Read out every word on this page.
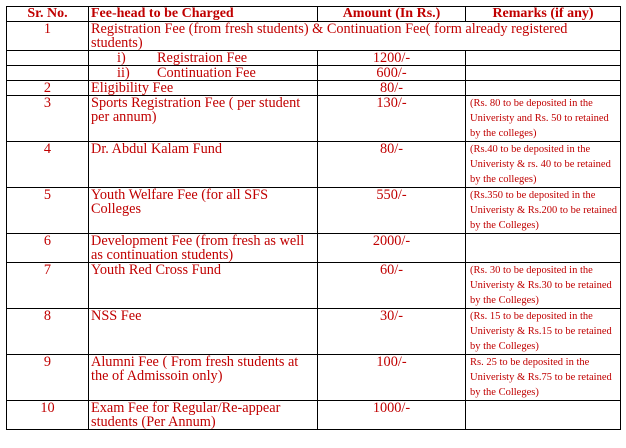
Sr. No.	Fee-head to be Charged	Amount (In Rs.)	Remarks (if any)
1	Registration Fee (from fresh students) & Continuation Fee( form already registered students)		
	i) Registraion Fee	1200/-	
	ii) Continuation Fee	600/-	
2	Eligibility Fee	80/-	
3	Sports Registration Fee ( per student per annum)	130/-	(Rs. 80 to be deposited in the Univeristy and Rs. 50 to retained by the colleges)
4	Dr. Abdul Kalam Fund	80/-	(Rs.40 to be deposited in the Univeristy & rs. 40 to be retained by the colleges)
5	Youth Welfare Fee (for all SFS Colleges	550/-	(Rs.350 to be deposited in the Univeristy & Rs.200 to be retained by the Colleges)
6	Development Fee (from fresh as well as continuation students)	2000/-	
7	Youth Red Cross Fund	60/-	(Rs. 30 to be deposited in the Univeristy & Rs.30 to be retained by the Colleges)
8	NSS Fee	30/-	(Rs. 15 to be deposited in the Univeristy & Rs.15 to be retained by the Colleges)
9	Alumni Fee ( From fresh students at the of Admissoin only)	100/-	Rs. 25 to be deposited in the Univeristy & Rs.75 to be retained by the Colleges)
10	Exam Fee for Regular/Re-appear students (Per Annum)	1000/-	
